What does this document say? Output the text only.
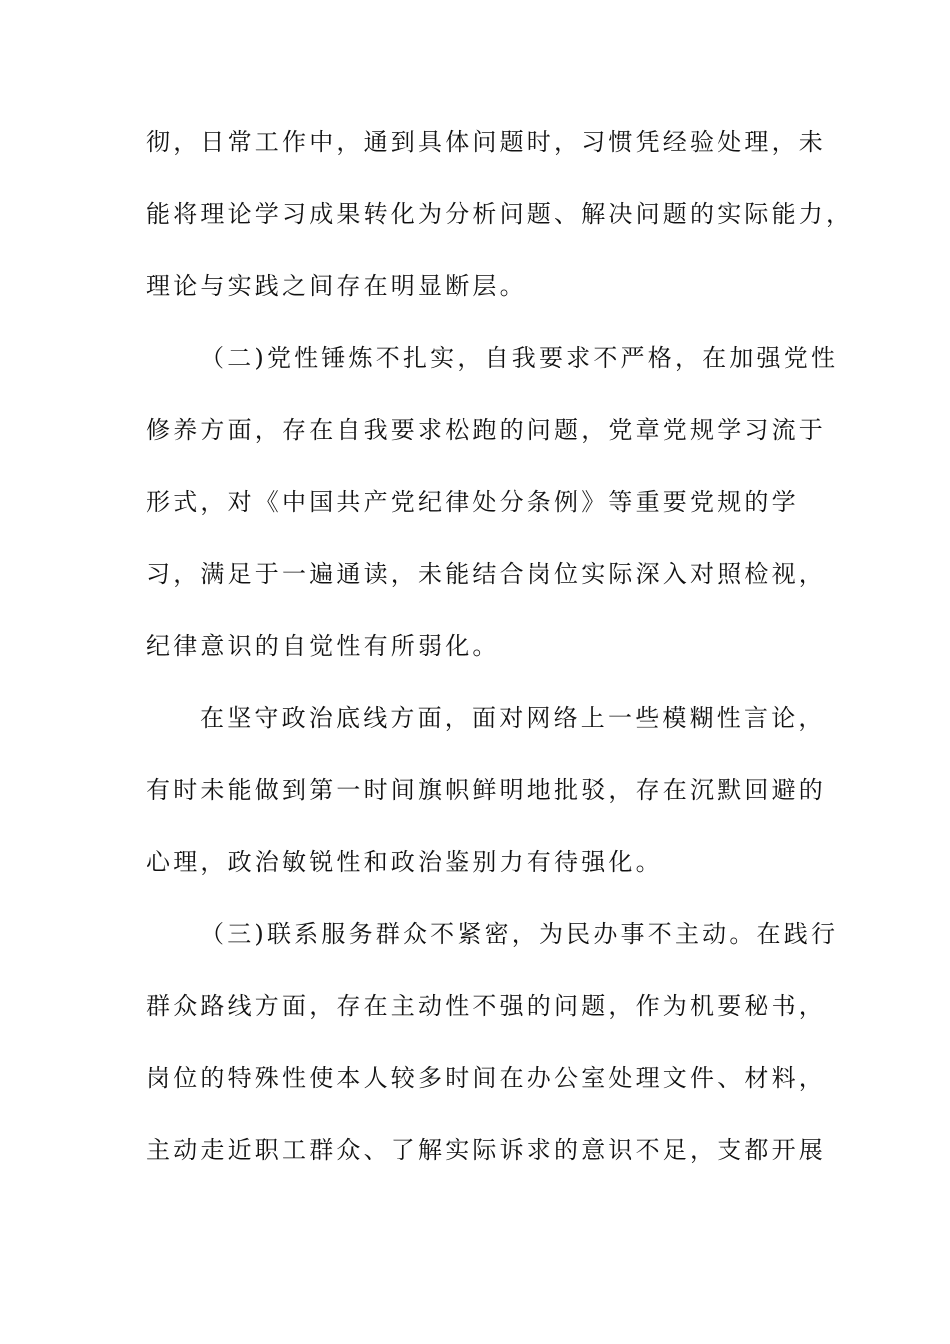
彻，日常工作中，通到具体问题时，习惯凭经验处理，未
能将理论学习成果转化为分析问题、解决问题的实际能力，
理论与实践之间存在明显断层。
（二)党性锤炼不扎实，自我要求不严格，在加强党性
修养方面，存在自我要求松跑的问题，党章党规学习流于
形式，对《中国共产党纪律处分条例》等重要党规的学
习，满足于一遍通读，未能结合岗位实际深入对照检视，
纪律意识的自觉性有所弱化。
在坚守政治底线方面，面对网络上一些模糊性言论，
有时未能做到第一时间旗帜鲜明地批驳，存在沉默回避的
心理，政治敏锐性和政治鉴别力有待强化。
（三)联系服务群众不紧密，为民办事不主动。在践行
群众路线方面，存在主动性不强的问题，作为机要秘书，
岗位的特殊性使本人较多时间在办公室处理文件、材料，
主动走近职工群众、了解实际诉求的意识不足，支都开展
